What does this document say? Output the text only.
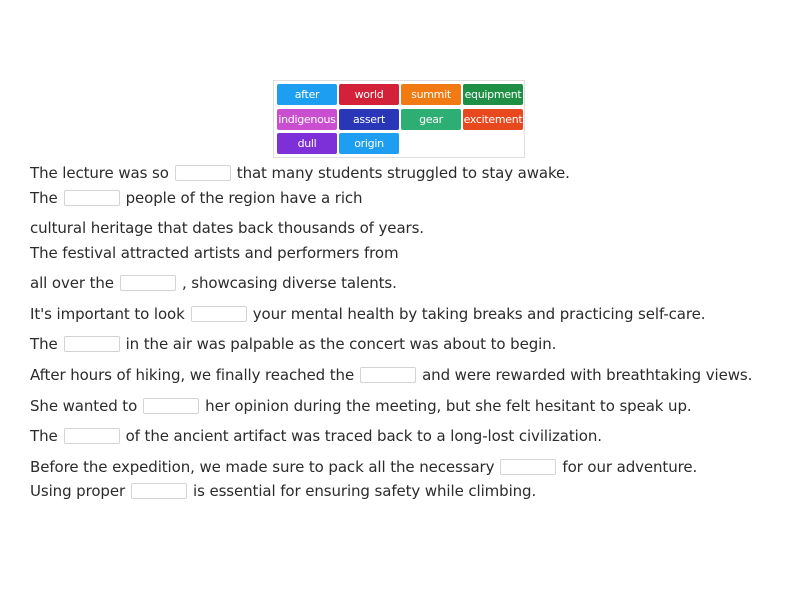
after	world	summit	equipment
indigenous	assert	gear	excitement
dull	origin
The lecture was so	that many students struggled to stay awake.
The	people of the region have a rich
cultural heritage that dates back thousands of years.
The festival attracted artists and performers from
all over the	, showcasing diverse talents.
It's important to look	your mental health by taking breaks and practicing self-care.
The	in the air was palpable as the concert was about to begin.
After hours of hiking, we finally reached the	and were rewarded with breathtaking views.
She wanted to	her opinion during the meeting, but she felt hesitant to speak up.
The	of the ancient artifact was traced back to a long-lost civilization.
Before the expedition, we made sure to pack all the necessary	for our adventure.
Using proper	is essential for ensuring safety while climbing.
